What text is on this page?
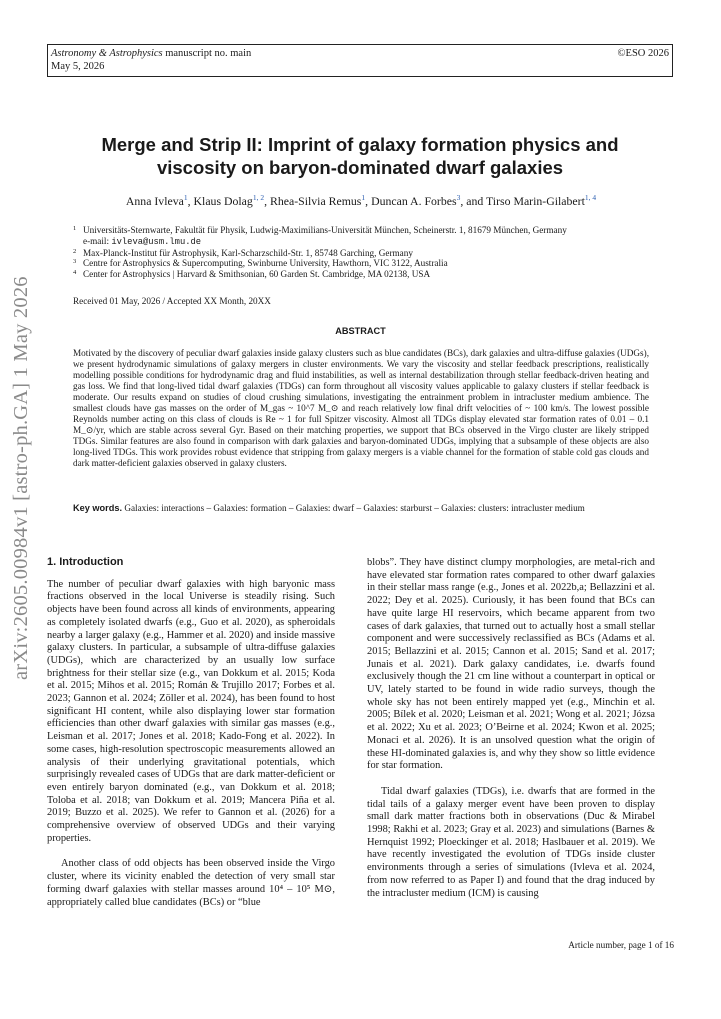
Astronomy & Astrophysics manuscript no. main
May 5, 2026
©ESO 2026
arXiv:2605.00984v1 [astro-ph.GA] 1 May 2026
Merge and Strip II: Imprint of galaxy formation physics and
viscosity on baryon-dominated dwarf galaxies
Anna Ivleva$^1$, Klaus Dolag$^{1, 2}$, Rhea-Silvia Remus$^1$, Duncan A. Forbes$^3$, and Tirso Marin-Gilabert$^{1, 4}$
1 Universitäts-Sternwarte, Fakultät für Physik, Ludwig-Maximilians-Universität München, Scheinerstr. 1, 81679 München, Germany
e-mail: ivleva@usm.lmu.de
2 Max-Planck-Institut für Astrophysik, Karl-Scharzschild-Str. 1, 85748 Garching, Germany
3 Centre for Astrophysics & Supercomputing, Swinburne University, Hawthorn, VIC 3122, Australia
4 Center for Astrophysics | Harvard & Smithsonian, 60 Garden St. Cambridge, MA 02138, USA
Received 01 May, 2026 / Accepted XX Month, 20XX
ABSTRACT
Motivated by the discovery of peculiar dwarf galaxies inside galaxy clusters such as blue candidates (BCs), dark galaxies and ultra-diffuse galaxies (UDGs), we present hydrodynamic simulations of galaxy mergers in cluster environments. We vary the viscosity and stellar feedback prescriptions, realistically modelling possible conditions for hydrodynamic drag and fluid instabilities, as well as internal destabilization through stellar feedback-driven heating and gas loss. We find that long-lived tidal dwarf galaxies (TDGs) can form throughout all viscosity values applicable to galaxy clusters if stellar feedback is moderate. Our results expand on studies of cloud crushing simulations, investigating the entrainment problem in intracluster medium ambience. The smallest clouds have gas masses on the order of M_gas ~ 10^7 M_⊙ and reach relatively low final drift velocities of ~ 100 km/s. The lowest possible Reynolds number acting on this class of clouds is Re ~ 1 for full Spitzer viscosity. Almost all TDGs display elevated star formation rates of 0.01 – 0.1 M_⊙/yr, which are stable across several Gyr. Based on their matching properties, we support that BCs observed in the Virgo cluster are likely stripped TDGs. Similar features are also found in comparison with dark galaxies and baryon-dominated UDGs, implying that a subsample of these objects are also long-lived TDGs. This work provides robust evidence that stripping from galaxy mergers is a viable channel for the formation of stable cold gas clouds and dark matter-deficient galaxies observed in galaxy clusters.
Key words. Galaxies: interactions – Galaxies: formation – Galaxies: dwarf – Galaxies: starburst – Galaxies: clusters: intracluster medium
1. Introduction

The number of peculiar dwarf galaxies with high baryonic mass fractions observed in the local Universe is steadily rising. Such objects have been found across all kinds of environments, appearing as completely isolated dwarfs (e.g., Guo et al. 2020), as spheroidals nearby a larger galaxy (e.g., Hammer et al. 2020) and inside massive galaxy clusters. In particular, a subsample of ultra-diffuse galaxies (UDGs), which are characterized by an usually low surface brightness for their stellar size (e.g., van Dokkum et al. 2015; Koda et al. 2015; Mihos et al. 2015; Román & Trujillo 2017; Forbes et al. 2023; Gannon et al. 2024; Zöller et al. 2024), has been found to host significant HI content, while also displaying lower star formation efficiencies than other dwarf galaxies with similar gas masses (e.g., Leisman et al. 2017; Jones et al. 2018; Kado-Fong et al. 2022). In some cases, high-resolution spectroscopic measurements allowed an analysis of their underlying gravitational potentials, which surprisingly revealed cases of UDGs that are dark matter-deficient or even entirely baryon dominated (e.g., van Dokkum et al. 2018; Toloba et al. 2018; van Dokkum et al. 2019; Mancera Piña et al. 2019; Buzzo et al. 2025). We refer to Gannon et al. (2026) for a comprehensive overview of observed UDGs and their varying properties.

Another class of odd objects has been observed inside the Virgo cluster, where its vicinity enabled the detection of very small star forming dwarf galaxies with stellar masses around 10⁴ – 10⁵ M⊙, appropriately called blue candidates (BCs) or “blue

blobs”. They have distinct clumpy morphologies, are metal-rich and have elevated star formation rates compared to other dwarf galaxies in their stellar mass range (e.g., Jones et al. 2022b,a; Bellazzini et al. 2022; Dey et al. 2025). Curiously, it has been found that BCs can have quite large HI reservoirs, which became apparent from two cases of dark galaxies, that turned out to actually host a small stellar component and were successively reclassified as BCs (Adams et al. 2015; Bellazzini et al. 2015; Cannon et al. 2015; Sand et al. 2017; Junais et al. 2021). Dark galaxy candidates, i.e. dwarfs found exclusively though the 21 cm line without a counterpart in optical or UV, lately started to be found in wide radio surveys, though the whole sky has not been entirely mapped yet (e.g., Minchin et al. 2005; Bílek et al. 2020; Leisman et al. 2021; Wong et al. 2021; Józsa et al. 2022; Xu et al. 2023; O’Beirne et al. 2024; Kwon et al. 2025; Monaci et al. 2026). It is an unsolved question what the origin of these HI-dominated galaxies is, and why they show so little evidence for star formation.

Tidal dwarf galaxies (TDGs), i.e. dwarfs that are formed in the tidal tails of a galaxy merger event have been proven to display small dark matter fractions both in observations (Duc & Mirabel 1998; Rakhi et al. 2023; Gray et al. 2023) and simulations (Barnes & Hernquist 1992; Ploeckinger et al. 2018; Haslbauer et al. 2019). We have recently investigated the evolution of TDGs inside cluster environments through a series of simulations (Ivleva et al. 2024, from now referred to as Paper I) and found that the drag induced by the intracluster medium (ICM) is causing

Article number, page 1 of 16
